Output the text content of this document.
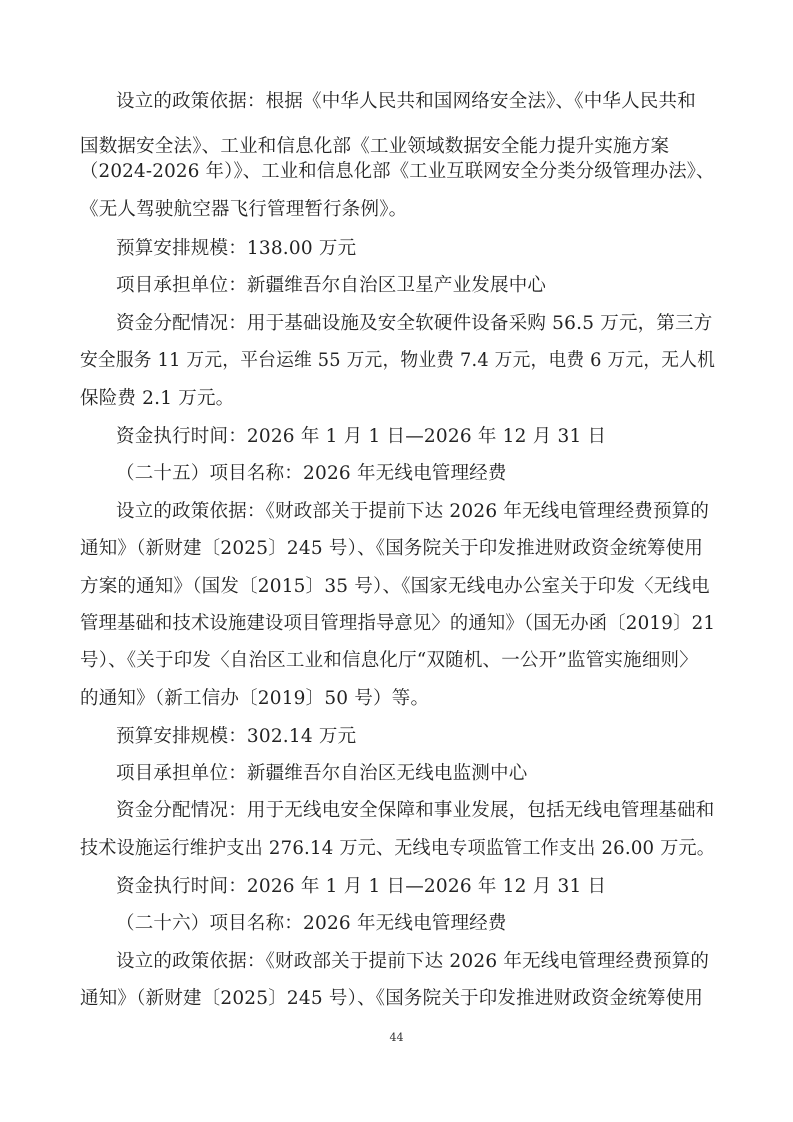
设立的政策依据：根据《中华人民共和国网络安全法》、《中华人民共和
国数据安全法》、工业和信息化部《工业领域数据安全能力提升实施方案
（2024-2026 年）》、工业和信息化部《工业互联网安全分类分级管理办法》、
《无人驾驶航空器飞行管理暂行条例》。
预算安排规模：138.00 万元
项目承担单位：新疆维吾尔自治区卫星产业发展中心
资金分配情况：用于基础设施及安全软硬件设备采购 56.5 万元，第三方
安全服务 11 万元，平台运维 55 万元，物业费 7.4 万元，电费 6 万元，无人机
保险费 2.1 万元。
资金执行时间：2026 年 1 月 1 日—2026 年 12 月 31 日
（二十五）项目名称：2026 年无线电管理经费
设立的政策依据：《财政部关于提前下达 2026 年无线电管理经费预算的
通知》（新财建〔2025〕245 号）、《国务院关于印发推进财政资金统筹使用
方案的通知》（国发〔2015〕35 号）、《国家无线电办公室关于印发〈无线电
管理基础和技术设施建设项目管理指导意见〉的通知》（国无办函〔2019〕21
号）、《关于印发〈自治区工业和信息化厅“双随机、一公开”监管实施细则〉
的通知》（新工信办〔2019〕50 号）等。
预算安排规模：302.14 万元
项目承担单位：新疆维吾尔自治区无线电监测中心
资金分配情况：用于无线电安全保障和事业发展，包括无线电管理基础和
技术设施运行维护支出 276.14 万元、无线电专项监管工作支出 26.00 万元。
资金执行时间：2026 年 1 月 1 日—2026 年 12 月 31 日
（二十六）项目名称：2026 年无线电管理经费
设立的政策依据：《财政部关于提前下达 2026 年无线电管理经费预算的
通知》（新财建〔2025〕245 号）、《国务院关于印发推进财政资金统筹使用
44
